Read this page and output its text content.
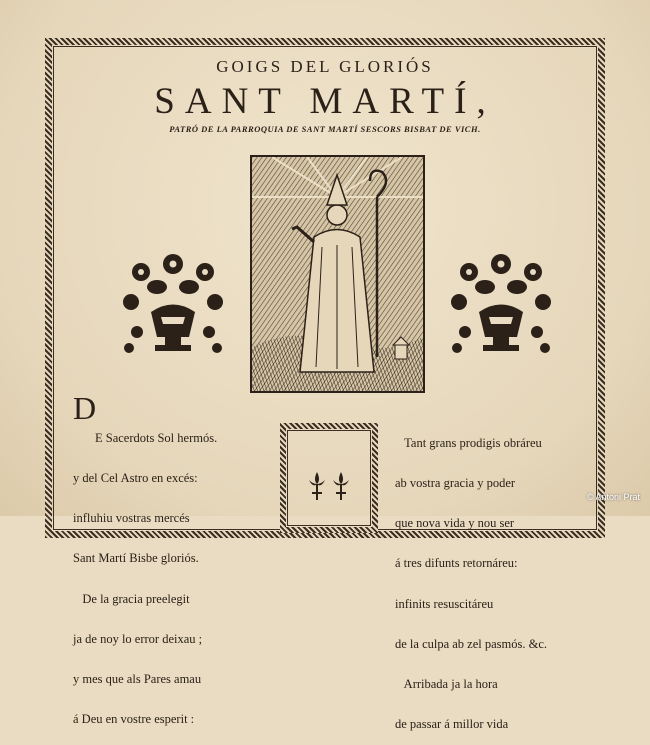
GOIGS DEL GLORIÓS
SANT MARTÍ,
PATRÓ DE LA PARROQUIA DE SANT MARTÍ SESCORS BISBAT DE VICH.
D

E Sacerdots Sol hermós.

y del Cel Astro en excés:

influhiu vostras mercés

Sant Martí Bisbe gloriós.

De la gracia preelegit

ja de noy lo error deixau ;

y mes que als Pares amau

á Deu en vostre esperit :

Tant grans prodigis obráreu

ab vostra gracia y poder

que nova vida y nou ser

á tres difunts retornáreu:

infinits resuscitáreu

de la culpa ab zel pasmós. &c.

Arribada ja la hora

de passar á millor vida

© Antoni Prat
